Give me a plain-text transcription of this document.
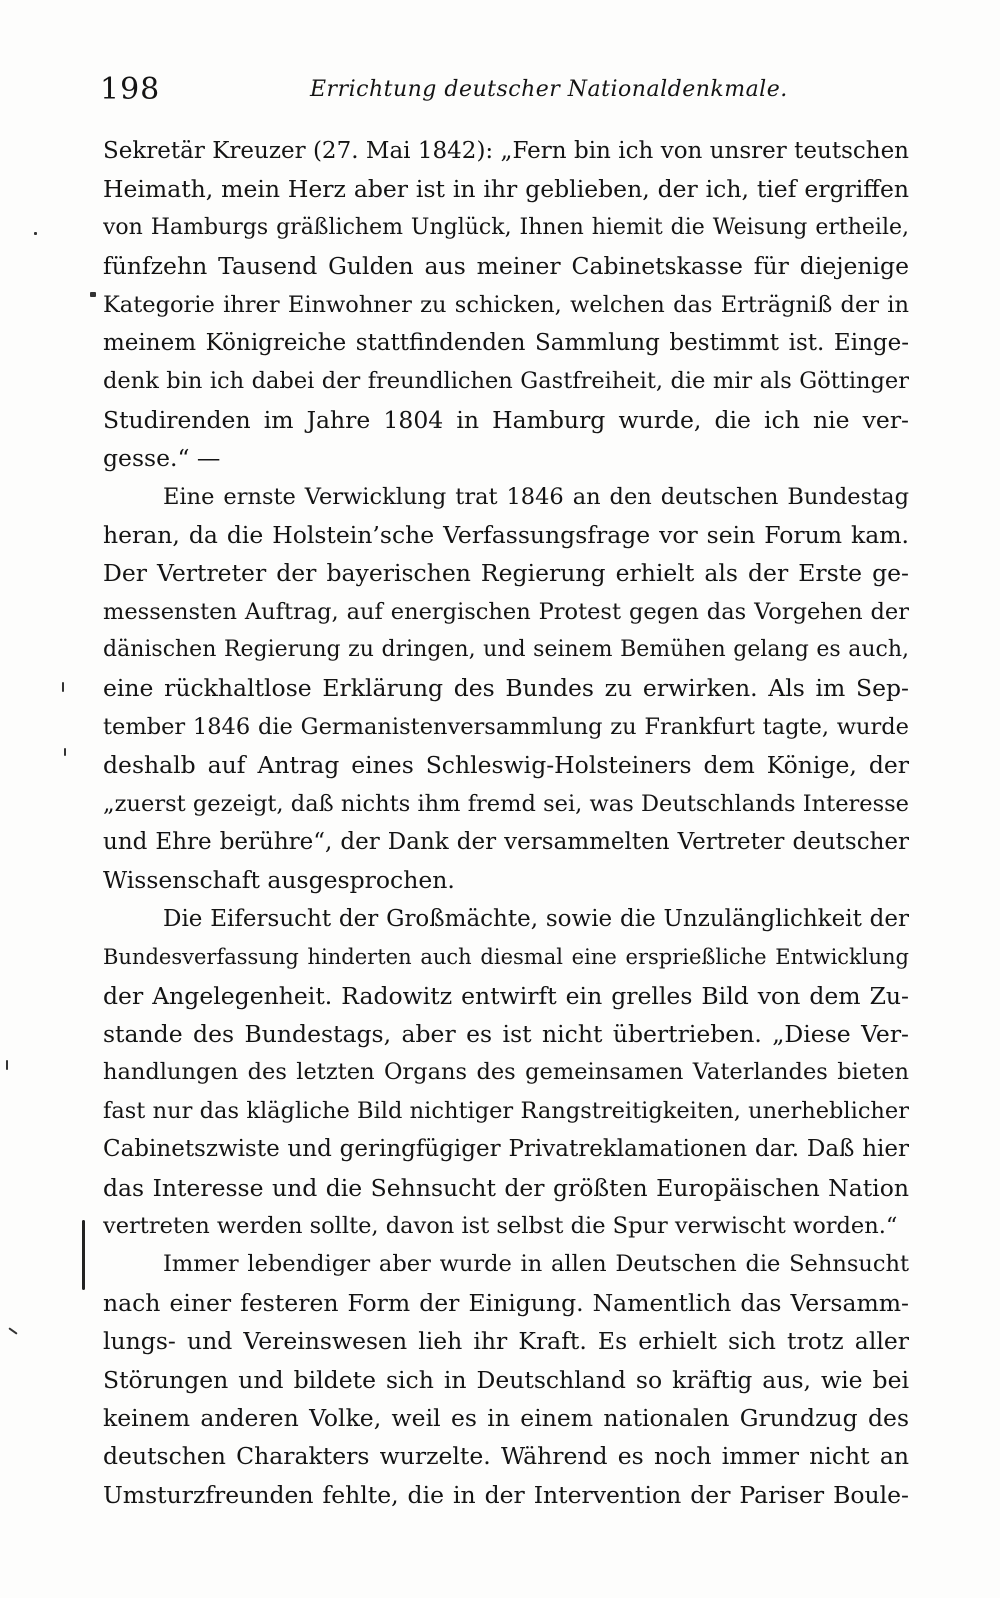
198	Errichtung deutscher Nationaldenkmale.
Sekretär Kreuzer (27. Mai 1842): „Fern bin ich von unsrer teutschen
Heimath, mein Herz aber ist in ihr geblieben, der ich, tief ergriffen
von Hamburgs gräßlichem Unglück, Ihnen hiemit die Weisung ertheile,
fünfzehn Tausend Gulden aus meiner Cabinetskasse für diejenige
Kategorie ihrer Einwohner zu schicken, welchen das Erträgniß der in
meinem Königreiche stattfindenden Sammlung bestimmt ist. Einge-
denk bin ich dabei der freundlichen Gastfreiheit, die mir als Göttinger
Studirenden im Jahre 1804 in Hamburg wurde, die ich nie ver-
gesse.“ —
Eine ernste Verwicklung trat 1846 an den deutschen Bundestag
heran, da die Holstein’sche Verfassungsfrage vor sein Forum kam.
Der Vertreter der bayerischen Regierung erhielt als der Erste ge-
messensten Auftrag, auf energischen Protest gegen das Vorgehen der
dänischen Regierung zu dringen, und seinem Bemühen gelang es auch,
eine rückhaltlose Erklärung des Bundes zu erwirken. Als im Sep-
tember 1846 die Germanistenversammlung zu Frankfurt tagte, wurde
deshalb auf Antrag eines Schleswig-Holsteiners dem Könige, der
„zuerst gezeigt, daß nichts ihm fremd sei, was Deutschlands Interesse
und Ehre berühre“, der Dank der versammelten Vertreter deutscher
Wissenschaft ausgesprochen.
Die Eifersucht der Großmächte, sowie die Unzulänglichkeit der
Bundesverfassung hinderten auch diesmal eine ersprießliche Entwicklung
der Angelegenheit. Radowitz entwirft ein grelles Bild von dem Zu-
stande des Bundestags, aber es ist nicht übertrieben. „Diese Ver-
handlungen des letzten Organs des gemeinsamen Vaterlandes bieten
fast nur das klägliche Bild nichtiger Rangstreitigkeiten, unerheblicher
Cabinetszwiste und geringfügiger Privatreklamationen dar. Daß hier
das Interesse und die Sehnsucht der größten Europäischen Nation
vertreten werden sollte, davon ist selbst die Spur verwischt worden.“
Immer lebendiger aber wurde in allen Deutschen die Sehnsucht
nach einer festeren Form der Einigung. Namentlich das Versamm-
lungs- und Vereinswesen lieh ihr Kraft. Es erhielt sich trotz aller
Störungen und bildete sich in Deutschland so kräftig aus, wie bei
keinem anderen Volke, weil es in einem nationalen Grundzug des
deutschen Charakters wurzelte. Während es noch immer nicht an
Umsturzfreunden fehlte, die in der Intervention der Pariser Boule-
